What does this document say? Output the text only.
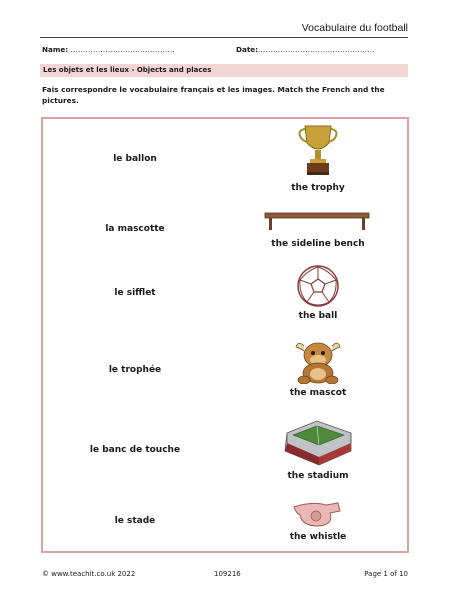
Vocabulaire du football
Name: ..........................................	Date:...............................................
Les objets et les lieux - Objects and places
Fais correspondre le vocabulaire français et les images. Match the French and the pictures.
le ballon
la mascotte
le sifflet
le trophée
le banc de touche
le stade
the trophy
the sideline bench
the ball
the mascot
the stadium
the whistle
© www.teachit.co.uk 2022	109216	Page 1 of 10
